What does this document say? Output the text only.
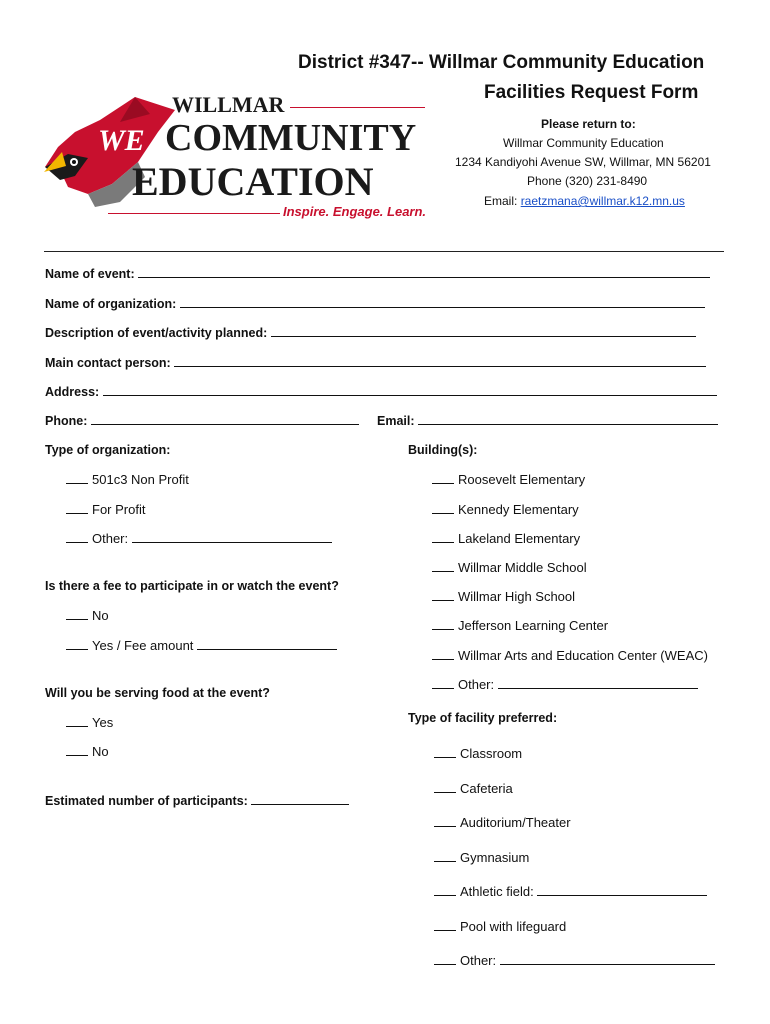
WE
WILLMAR
COMMUNITY
EDUCATION
Inspire. Engage. Learn.
District #347-- Willmar Community Education
Facilities Request Form
Please return to:
Willmar Community Education
1234 Kandiyohi Avenue SW, Willmar, MN 56201
Phone (320) 231-8490
Email: raetzmana@willmar.k12.mn.us
Name of event:
Name of organization:
Description of event/activity planned:
Main contact person:
Address:
Phone:	Email:
Type of organization:
501c3 Non Profit
For Profit
Other:
Is there a fee to participate in or watch the event?
No
Yes / Fee amount
Will you be serving food at the event?
Yes
No
Estimated number of participants:
Building(s):
Roosevelt Elementary
Kennedy Elementary
Lakeland Elementary
Willmar Middle School
Willmar High School
Jefferson Learning Center
Willmar Arts and Education Center (WEAC)
Other:
Type of facility preferred:
Classroom
Cafeteria
Auditorium/Theater
Gymnasium
Athletic field:
Pool with lifeguard
Other:
